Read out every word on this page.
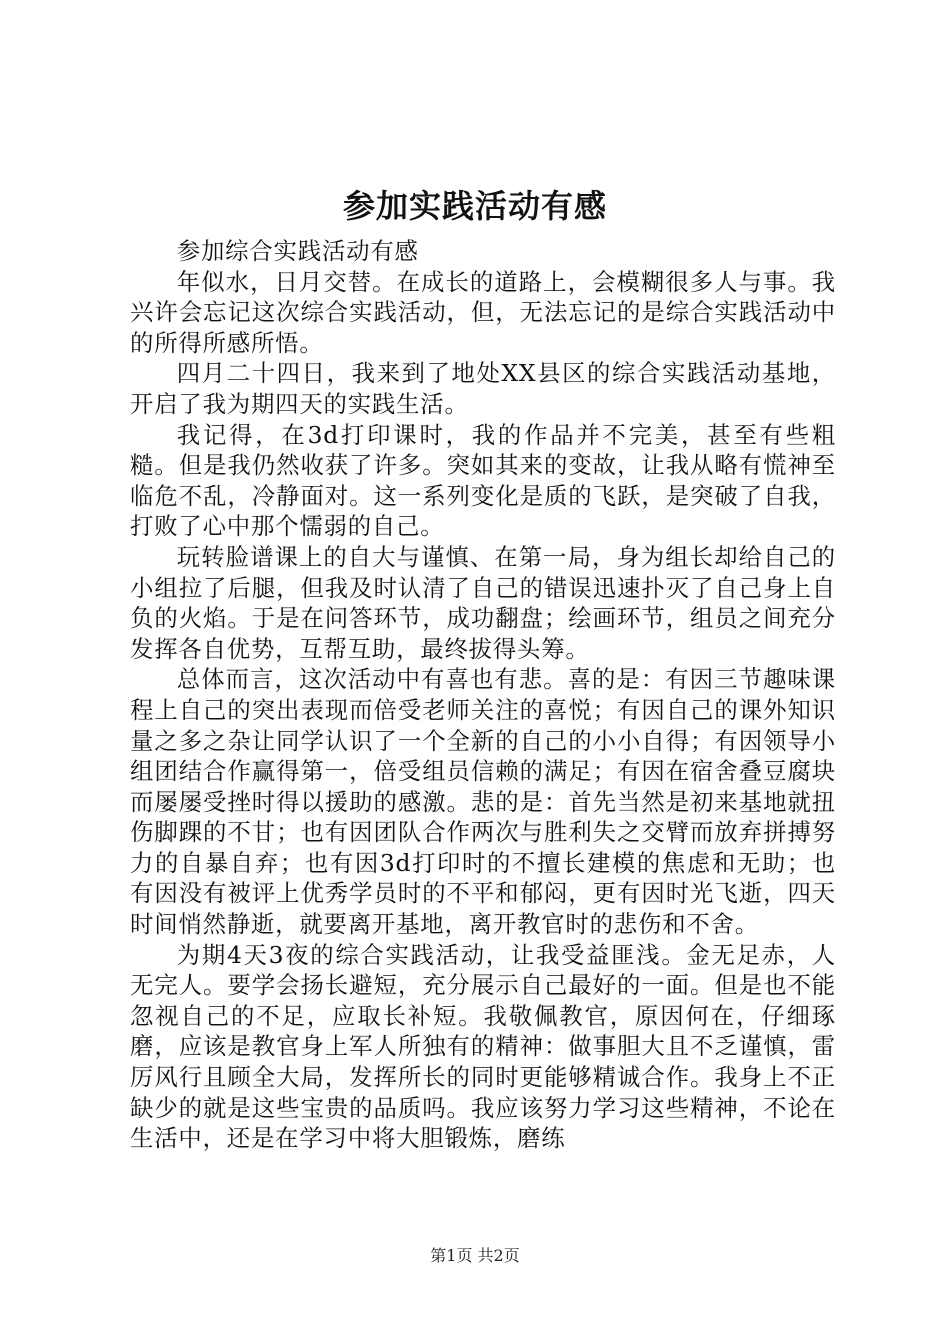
参加实践活动有感

参加综合实践活动有感

年似水，日月交替。在成长的道路上，会模糊很多人与事。我兴许会忘记这次综合实践活动，但，无法忘记的是综合实践活动中的所得所感所悟。

四月二十四日，我来到了地处XX县区的综合实践活动基地，开启了我为期四天的实践生活。

我记得，在3d打印课时，我的作品并不完美，甚至有些粗糙。但是我仍然收获了许多。突如其来的变故，让我从略有慌神至临危不乱，冷静面对。这一系列变化是质的飞跃，是突破了自我，打败了心中那个懦弱的自己。

玩转脸谱课上的自大与谨慎、在第一局，身为组长却给自己的小组拉了后腿，但我及时认清了自己的错误迅速扑灭了自己身上自负的火焰。于是在问答环节，成功翻盘；绘画环节，组员之间充分发挥各自优势，互帮互助，最终拔得头筹。

总体而言，这次活动中有喜也有悲。喜的是：有因三节趣味课程上自己的突出表现而倍受老师关注的喜悦；有因自己的课外知识量之多之杂让同学认识了一个全新的自己的小小自得；有因领导小组团结合作赢得第一，倍受组员信赖的满足；有因在宿舍叠豆腐块而屡屡受挫时得以援助的感激。悲的是：首先当然是初来基地就扭伤脚踝的不甘；也有因团队合作两次与胜利失之交臂而放弃拼搏努力的自暴自弃；也有因3d打印时的不擅长建模的焦虑和无助；也有因没有被评上优秀学员时的不平和郁闷，更有因时光飞逝，四天时间悄然静逝，就要离开基地，离开教官时的悲伤和不舍。

为期4天3夜的综合实践活动，让我受益匪浅。金无足赤，人无完人。要学会扬长避短，充分展示自己最好的一面。但是也不能忽视自己的不足，应取长补短。我敬佩教官，原因何在，仔细琢磨，应该是教官身上军人所独有的精神：做事胆大且不乏谨慎，雷厉风行且顾全大局，发挥所长的同时更能够精诚合作。我身上不正缺少的就是这些宝贵的品质吗。我应该努力学习这些精神，不论在生活中，还是在学习中将大胆锻炼，磨练

第1页 共2页
